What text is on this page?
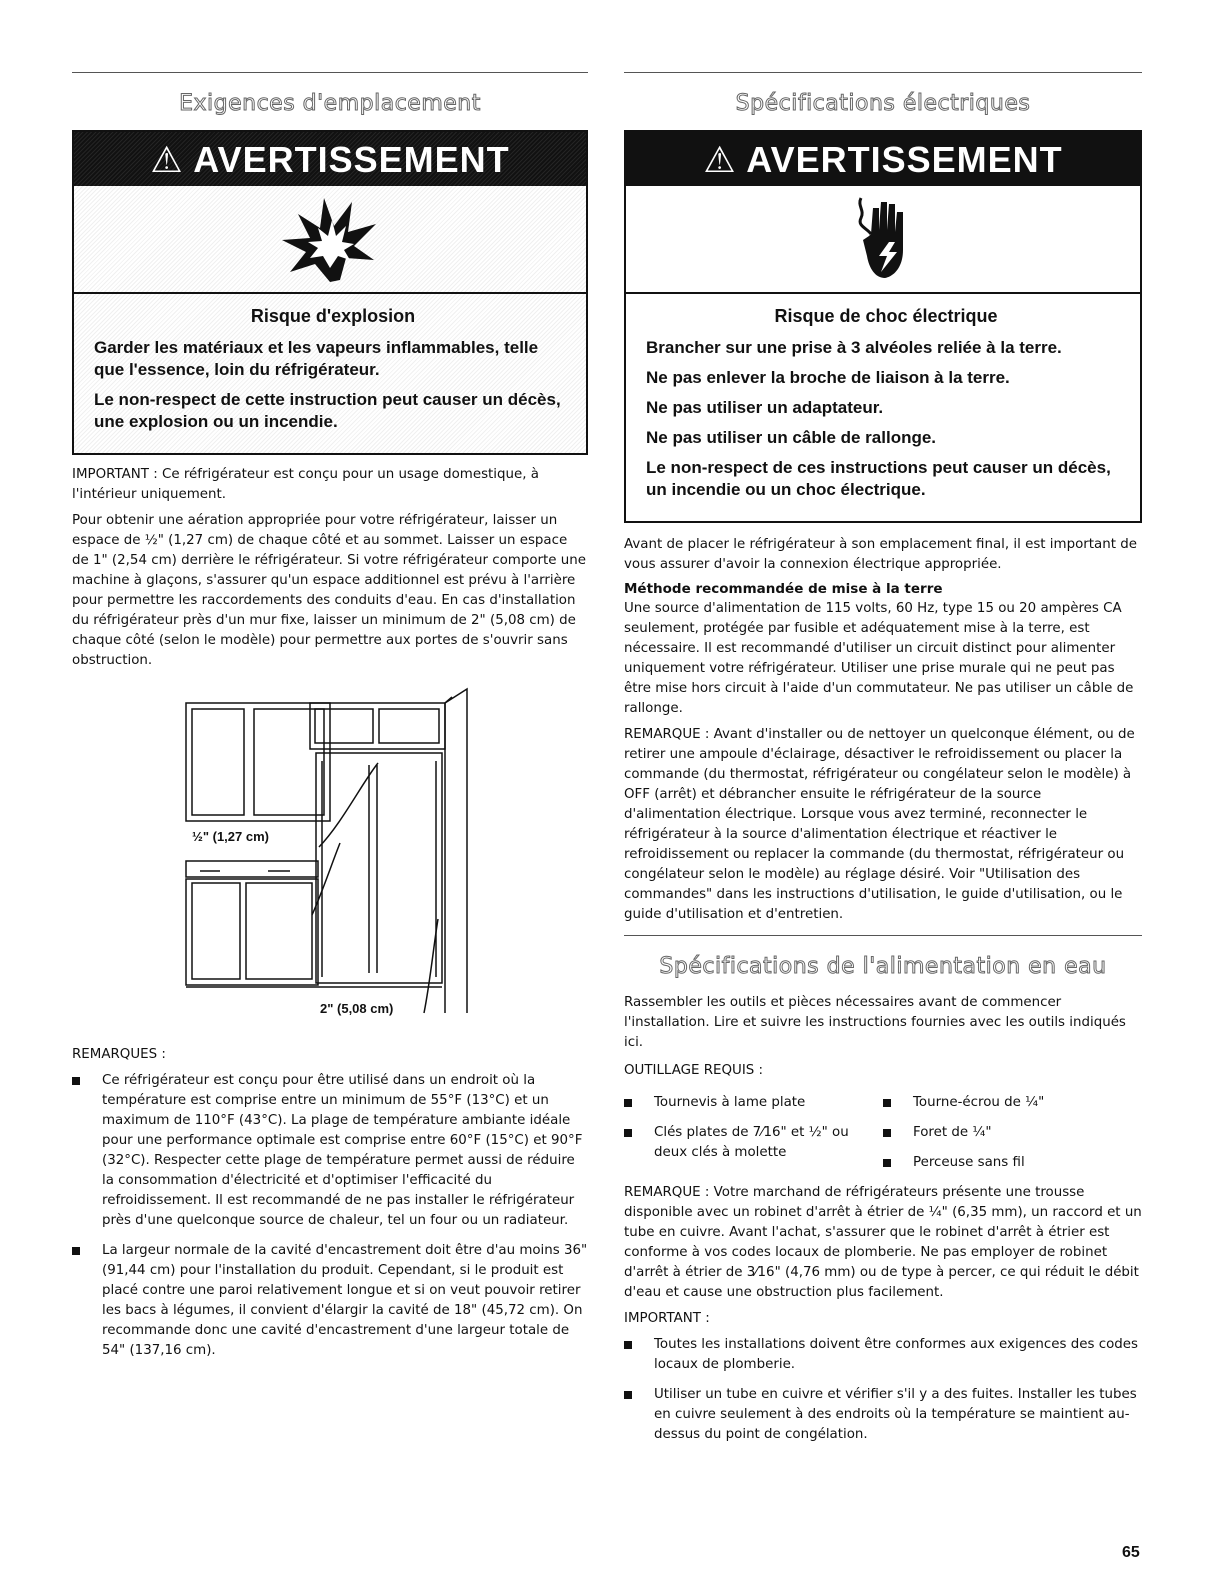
Exigences d'emplacement
⚠ AVERTISSEMENT
Risque d'explosion
Garder les matériaux et les vapeurs inflammables, telle que l'essence, loin du réfrigérateur.
Le non-respect de cette instruction peut causer un décès, une explosion ou un incendie.

IMPORTANT : Ce réfrigérateur est conçu pour un usage domestique, à l'intérieur uniquement.

Pour obtenir une aération appropriée pour votre réfrigérateur, laisser un espace de ½" (1,27 cm) de chaque côté et au sommet. Laisser un espace de 1" (2,54 cm) derrière le réfrigérateur. Si votre réfrigérateur comporte une machine à glaçons, s'assurer qu'un espace additionnel est prévu à l'arrière pour permettre les raccordements des conduits d'eau. En cas d'installation du réfrigérateur près d'un mur fixe, laisser un minimum de 2" (5,08 cm) de chaque côté (selon le modèle) pour permettre aux portes de s'ouvrir sans obstruction.

½" (1,27 cm)
2" (5,08 cm)

REMARQUES :

Ce réfrigérateur est conçu pour être utilisé dans un endroit où la température est comprise entre un minimum de 55°F (13°C) et un maximum de 110°F (43°C). La plage de température ambiante idéale pour une performance optimale est comprise entre 60°F (15°C) et 90°F (32°C). Respecter cette plage de température permet aussi de réduire la consommation d'électricité et d'optimiser l'efficacité du refroidissement. Il est recommandé de ne pas installer le réfrigérateur près d'une quelconque source de chaleur, tel un four ou un radiateur.
La largeur normale de la cavité d'encastrement doit être d'au moins 36" (91,44 cm) pour l'installation du produit. Cependant, si le produit est placé contre une paroi relativement longue et si on veut pouvoir retirer les bacs à légumes, il convient d'élargir la cavité de 18" (45,72 cm). On recommande donc une cavité d'encastrement d'une largeur totale de 54" (137,16 cm).
Spécifications électriques
⚠ AVERTISSEMENT
Risque de choc électrique
Brancher sur une prise à 3 alvéoles reliée à la terre.
Ne pas enlever la broche de liaison à la terre.
Ne pas utiliser un adaptateur.
Ne pas utiliser un câble de rallonge.
Le non-respect de ces instructions peut causer un décès, un incendie ou un choc électrique.

Avant de placer le réfrigérateur à son emplacement final, il est important de vous assurer d'avoir la connexion électrique appropriée.

Méthode recommandée de mise à la terre

Une source d'alimentation de 115 volts, 60 Hz, type 15 ou 20 ampères CA seulement, protégée par fusible et adéquatement mise à la terre, est nécessaire. Il est recommandé d'utiliser un circuit distinct pour alimenter uniquement votre réfrigérateur. Utiliser une prise murale qui ne peut pas être mise hors circuit à l'aide d'un commutateur. Ne pas utiliser un câble de rallonge.

REMARQUE : Avant d'installer ou de nettoyer un quelconque élément, ou de retirer une ampoule d'éclairage, désactiver le refroidissement ou placer la commande (du thermostat, réfrigérateur ou congélateur selon le modèle) à OFF (arrêt) et débrancher ensuite le réfrigérateur de la source d'alimentation électrique. Lorsque vous avez terminé, reconnecter le réfrigérateur à la source d'alimentation électrique et réactiver le refroidissement ou replacer la commande (du thermostat, réfrigérateur ou congélateur selon le modèle) au réglage désiré. Voir "Utilisation des commandes" dans les instructions d'utilisation, le guide d'utilisation, ou le guide d'utilisation et d'entretien.

Spécifications de l'alimentation en eau

Rassembler les outils et pièces nécessaires avant de commencer l'installation. Lire et suivre les instructions fournies avec les outils indiqués ici.

OUTILLAGE REQUIS :

Tournevis à lame plate
Clés plates de 7⁄16" et ½" ou deux clés à molette
Tourne-écrou de ¼"
Foret de ¼"
Perceuse sans fil

REMARQUE : Votre marchand de réfrigérateurs présente une trousse disponible avec un robinet d'arrêt à étrier de ¼" (6,35 mm), un raccord et un tube en cuivre. Avant l'achat, s'assurer que le robinet d'arrêt à étrier est conforme à vos codes locaux de plomberie. Ne pas employer de robinet d'arrêt à étrier de 3⁄16" (4,76 mm) ou de type à percer, ce qui réduit le débit d'eau et cause une obstruction plus facilement.

IMPORTANT :

Toutes les installations doivent être conformes aux exigences des codes locaux de plomberie.
Utiliser un tube en cuivre et vérifier s'il y a des fuites. Installer les tubes en cuivre seulement à des endroits où la température se maintient au-dessus du point de congélation.
65
